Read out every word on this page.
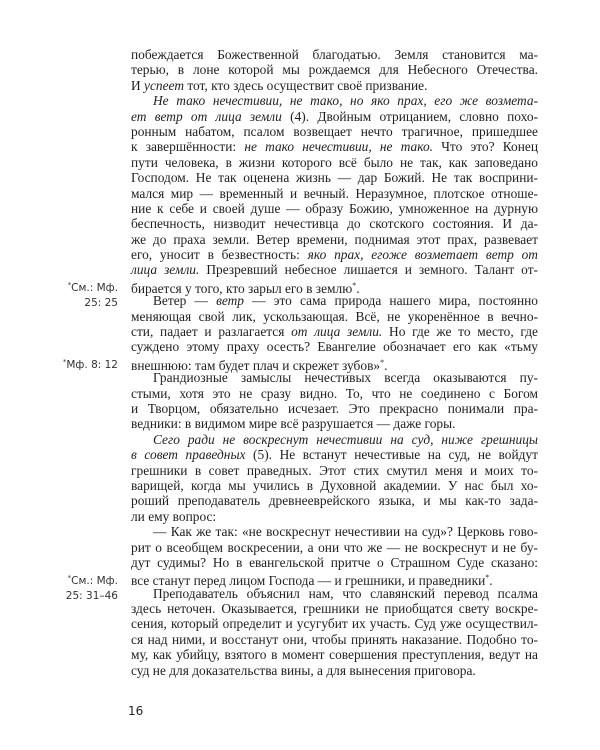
побеждается Божественной благодатью. Земля становится ма-
терью, в лоне которой мы рождаемся для Небесного Отечества.
И успеет тот, кто здесь осуществит своё призвание.
Не тако нечестивии, не тако, но яко прах, его же возмета-
ет ветр от лица земли (4). Двойным отрицанием, словно похо-
ронным набатом, псалом возвещает нечто трагичное, пришедшее
к завершённости: не тако нечестивии, не тако. Что это? Конец
пути человека, в жизни которого всё было не так, как заповедано
Господом. Не так оценена жизнь — дар Божий. Не так восприни-
мался мир — временный и вечный. Неразумное, плотское отноше-
ние к себе и своей душе — образу Божию, умноженное на дурную
беспечность, низводит нечестивца до скотского состояния. И да-
же до праха земли. Ветер времени, поднимая этот прах, развевает
его, уносит в безвестность: яко прах, егоже возметает ветр от
лица земли. Презревший небесное лишается и земного. Талант от-
бирается у того, кто зарыл его в землю*.
Ветер — ветр — это сама природа нашего мира, постоянно
меняющая свой лик, ускользающая. Всё, не укоренённое в вечно-
сти, падает и разлагается от лица земли. Но где же то место, где
суждено этому праху осесть? Евангелие обозначает его как «тьму
внешнюю: там будет плач и скрежет зубов»*.
Грандиозные замыслы нечестивых всегда оказываются пу-
стыми, хотя это не сразу видно. То, что не соединено с Богом
и Творцом, обязательно исчезает. Это прекрасно понимали пра-
ведники: в видимом мире всё разрушается — даже горы.
Сего ради не воскреснут нечестивии на суд, ниже грешницы
в совет праведных (5). Не встанут нечестивые на суд, не войдут
грешники в совет праведных. Этот стих смутил меня и моих то-
варищей, когда мы учились в Духовной академии. У нас был хо-
роший преподаватель древнееврейского языка, и мы как-то зада-
ли ему вопрос:
— Как же так: «не воскреснут нечестивии на суд»? Церковь гово-
рит о всеобщем воскресении, а они что же — не воскреснут и не бу-
дут судимы? Но в евангельской притче о Страшном Суде сказано:
все станут перед лицом Господа — и грешники, и праведники*.
Преподаватель объяснил нам, что славянский перевод псалма
здесь неточен. Оказывается, грешники не приобщатся свету воскре-
сения, который определит и усугубит их участь. Суд уже осуществил-
ся над ними, и восстанут они, чтобы принять наказание. Подобно то-
му, как убийцу, взятого в момент совершения преступления, ведут на
суд не для доказательства вины, а для вынесения приговора.
*См.: Мф.
25: 25
*Мф. 8: 12
*См.: Мф.
25: 31–46
16
